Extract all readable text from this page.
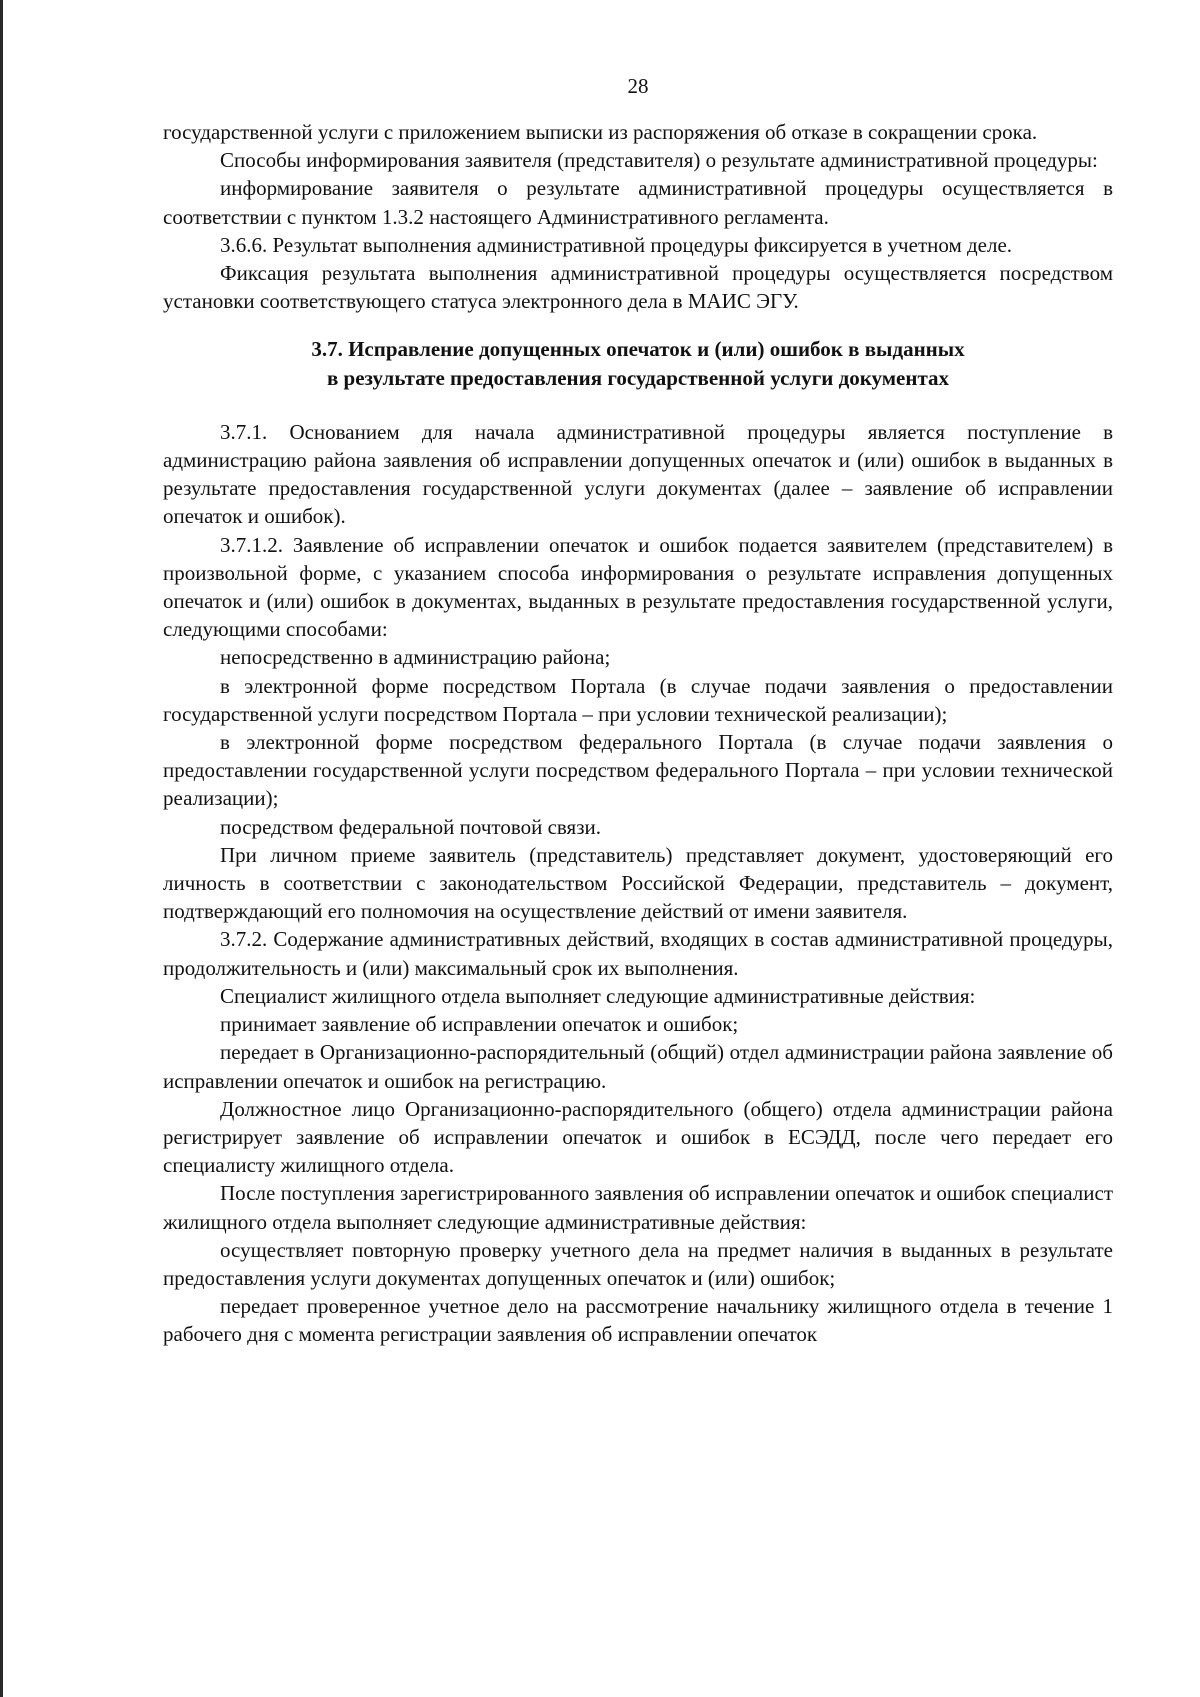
28

государственной услуги с приложением выписки из распоряжения об отказе в сокращении срока.

Способы информирования заявителя (представителя) о результате административной процедуры:

информирование заявителя о результате административной процедуры осуществляется в соответствии с пунктом 1.3.2 настоящего Административного регламента.

3.6.6. Результат выполнения административной процедуры фиксируется в учетном деле.

Фиксация результата выполнения административной процедуры осуществляется посредством установки соответствующего статуса электронного дела в МАИС ЭГУ.

3.7. Исправление допущенных опечаток и (или) ошибок в выданных
в результате предоставления государственной услуги документах

3.7.1. Основанием для начала административной процедуры является поступление в администрацию района заявления об исправлении допущенных опечаток и (или) ошибок в выданных в результате предоставления государственной услуги документах (далее – заявление об исправлении опечаток и ошибок).

3.7.1.2. Заявление об исправлении опечаток и ошибок подается заявителем (представителем) в произвольной форме, с указанием способа информирования о результате исправления допущенных опечаток и (или) ошибок в документах, выданных в результате предоставления государственной услуги, следующими способами:

непосредственно в администрацию района;

в электронной форме посредством Портала (в случае подачи заявления о предоставлении государственной услуги посредством Портала – при условии технической реализации);

в электронной форме посредством федерального Портала (в случае подачи заявления о предоставлении государственной услуги посредством федерального Портала – при условии технической реализации);

посредством федеральной почтовой связи.

При личном приеме заявитель (представитель) представляет документ, удостоверяющий его личность в соответствии с законодательством Российской Федерации, представитель – документ, подтверждающий его полномочия на осуществление действий от имени заявителя.

3.7.2. Содержание административных действий, входящих в состав административной процедуры, продолжительность и (или) максимальный срок их выполнения.

Специалист жилищного отдела выполняет следующие административные действия:

принимает заявление об исправлении опечаток и ошибок;

передает в Организационно-распорядительный (общий) отдел администрации района заявление об исправлении опечаток и ошибок на регистрацию.

Должностное лицо Организационно-распорядительного (общего) отдела администрации района регистрирует заявление об исправлении опечаток и ошибок в ЕСЭДД, после чего передает его специалисту жилищного отдела.

После поступления зарегистрированного заявления об исправлении опечаток и ошибок специалист жилищного отдела выполняет следующие административные действия:

осуществляет повторную проверку учетного дела на предмет наличия в выданных в результате предоставления услуги документах допущенных опечаток и (или) ошибок;

передает проверенное учетное дело на рассмотрение начальнику жилищного отдела в течение 1 рабочего дня с момента регистрации заявления об исправлении опечаток
